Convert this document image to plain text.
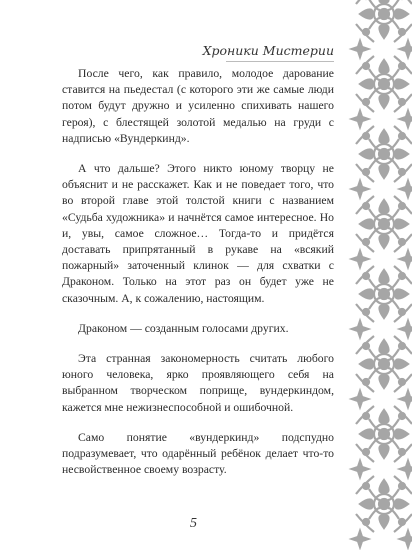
Хроники Мистерии

После чего, как правило, молодое дарование ставится на пьедестал (с которого эти же самые люди потом будут дружно и усиленно спихивать нашего героя), с блестящей золотой медалью на груди с надписью «Вундеркинд».

А что дальше? Этого никто юному творцу не объяснит и не расскажет. Как и не поведает того, что во второй главе этой толстой книги с названием «Судьба художника» и начнётся самое интересное. Но и, увы, самое сложное… Тогда-то и придётся доставать припрятанный в рукаве на «всякий пожарный» заточенный клинок — для схватки с Драконом. Только на этот раз он будет уже не сказочным. А, к сожалению, настоящим.

Драконом — созданным голосами других.

Эта странная закономерность считать любого юного человека, ярко проявляющего себя на выбранном творческом поприще, вундеркиндом, кажется мне нежизнеспособной и ошибочной.

Само понятие «вундеркинд» подспудно подразумевает, что одарённый ребёнок делает что-то несвойственное своему возрасту.

5
